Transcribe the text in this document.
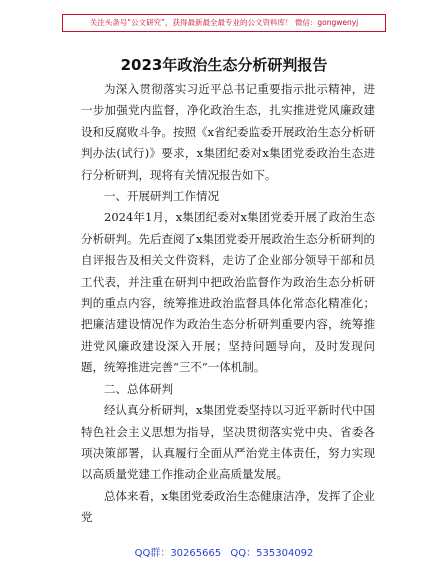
关注头条号“公文研究”，获得最新最全最专业的公文资料库！ 微信：gongwenyj
2023年政治生态分析研判报告

为深入贯彻落实习近平总书记重要指示批示精神，进一步加强党内监督，净化政治生态，扎实推进党风廉政建设和反腐败斗争。按照《x省纪委监委开展政治生态分析研判办法(试行)》要求，x集团纪委对x集团党委政治生态进行分析研判，现将有关情况报告如下。

一、开展研判工作情况

2024年1月，x集团纪委对x集团党委开展了政治生态分析研判。先后查阅了x集团党委开展政治生态分析研判的自评报告及相关文件资料，走访了企业部分领导干部和员工代表，并注重在研判中把政治监督作为政治生态分析研判的重点内容，统筹推进政治监督具体化常态化精准化；把廉洁建设情况作为政治生态分析研判重要内容，统筹推进党风廉政建设深入开展；坚持问题导向，及时发现问题，统筹推进完善“三不”一体机制。

二、总体研判

经认真分析研判，x集团党委坚持以习近平新时代中国特色社会主义思想为指导，坚决贯彻落实党中央、省委各项决策部署，认真履行全面从严治党主体责任，努力实现以高质量党建工作推动企业高质量发展。

总体来看，x集团党委政治生态健康洁净，发挥了企业党

QQ群：30265665 QQ：535304092
